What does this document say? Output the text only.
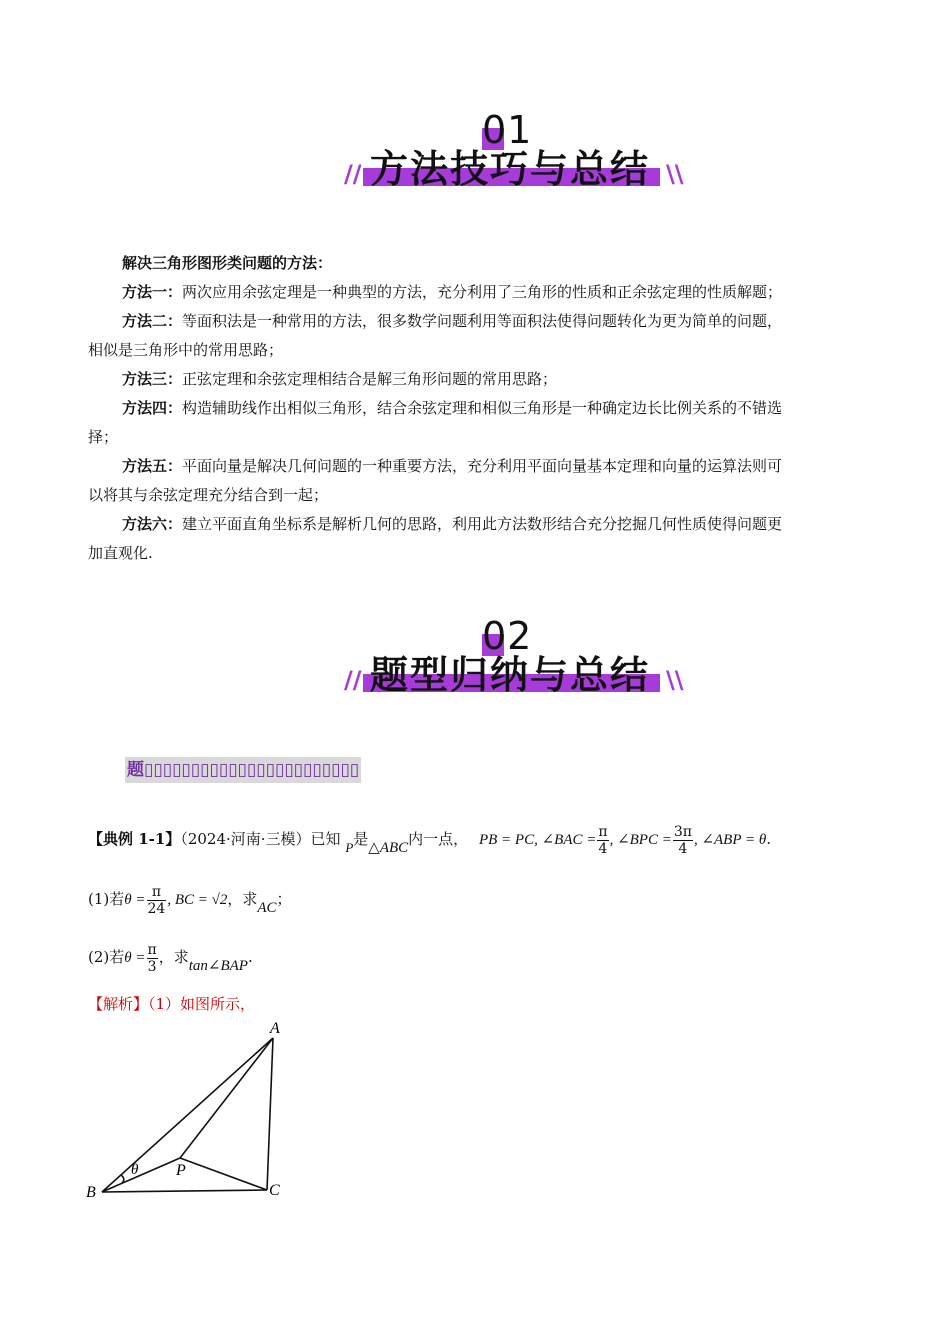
01
//	\\
方法技巧与总结
解决三角形图形类问题的方法：
方法一：两次应用余弦定理是一种典型的方法，充分利用了三角形的性质和正余弦定理的性质解题；
方法二：等面积法是一种常用的方法，很多数学问题利用等面积法使得问题转化为更为简单的问题，
相似是三角形中的常用思路；
方法三：正弦定理和余弦定理相结合是解三角形问题的常用思路；
方法四：构造辅助线作出相似三角形，结合余弦定理和相似三角形是一种确定边长比例关系的不错选
择；
方法五：平面向量是解决几何问题的一种重要方法，充分利用平面向量基本定理和向量的运算法则可
以将其与余弦定理充分结合到一起；
方法六：建立平面直角坐标系是解析几何的思路，利用此方法数形结合充分挖掘几何性质使得问题更
加直观化.
02
//	\\
题型归纳与总结
题▯▯▯▯▯▯▯▯▯▯▯▯▯▯▯▯▯▯▯▯▯▯▯
【典例 1-1】（2024·河南·三模）已知 P是△ABC内一点， PB = PC, ∠BAC = $\frac{\pi}{4}$ , ∠BPC = $\frac{3\pi}{4}$ , ∠ABP = θ.
(1)若$\theta = \frac{\pi}{24}$ , BC = √2，求AC；
(2)若$\theta = \frac{\pi}{3}$ ，求tan∠BAP.
【解析】（1）如图所示，
A
B	C
P
θ
